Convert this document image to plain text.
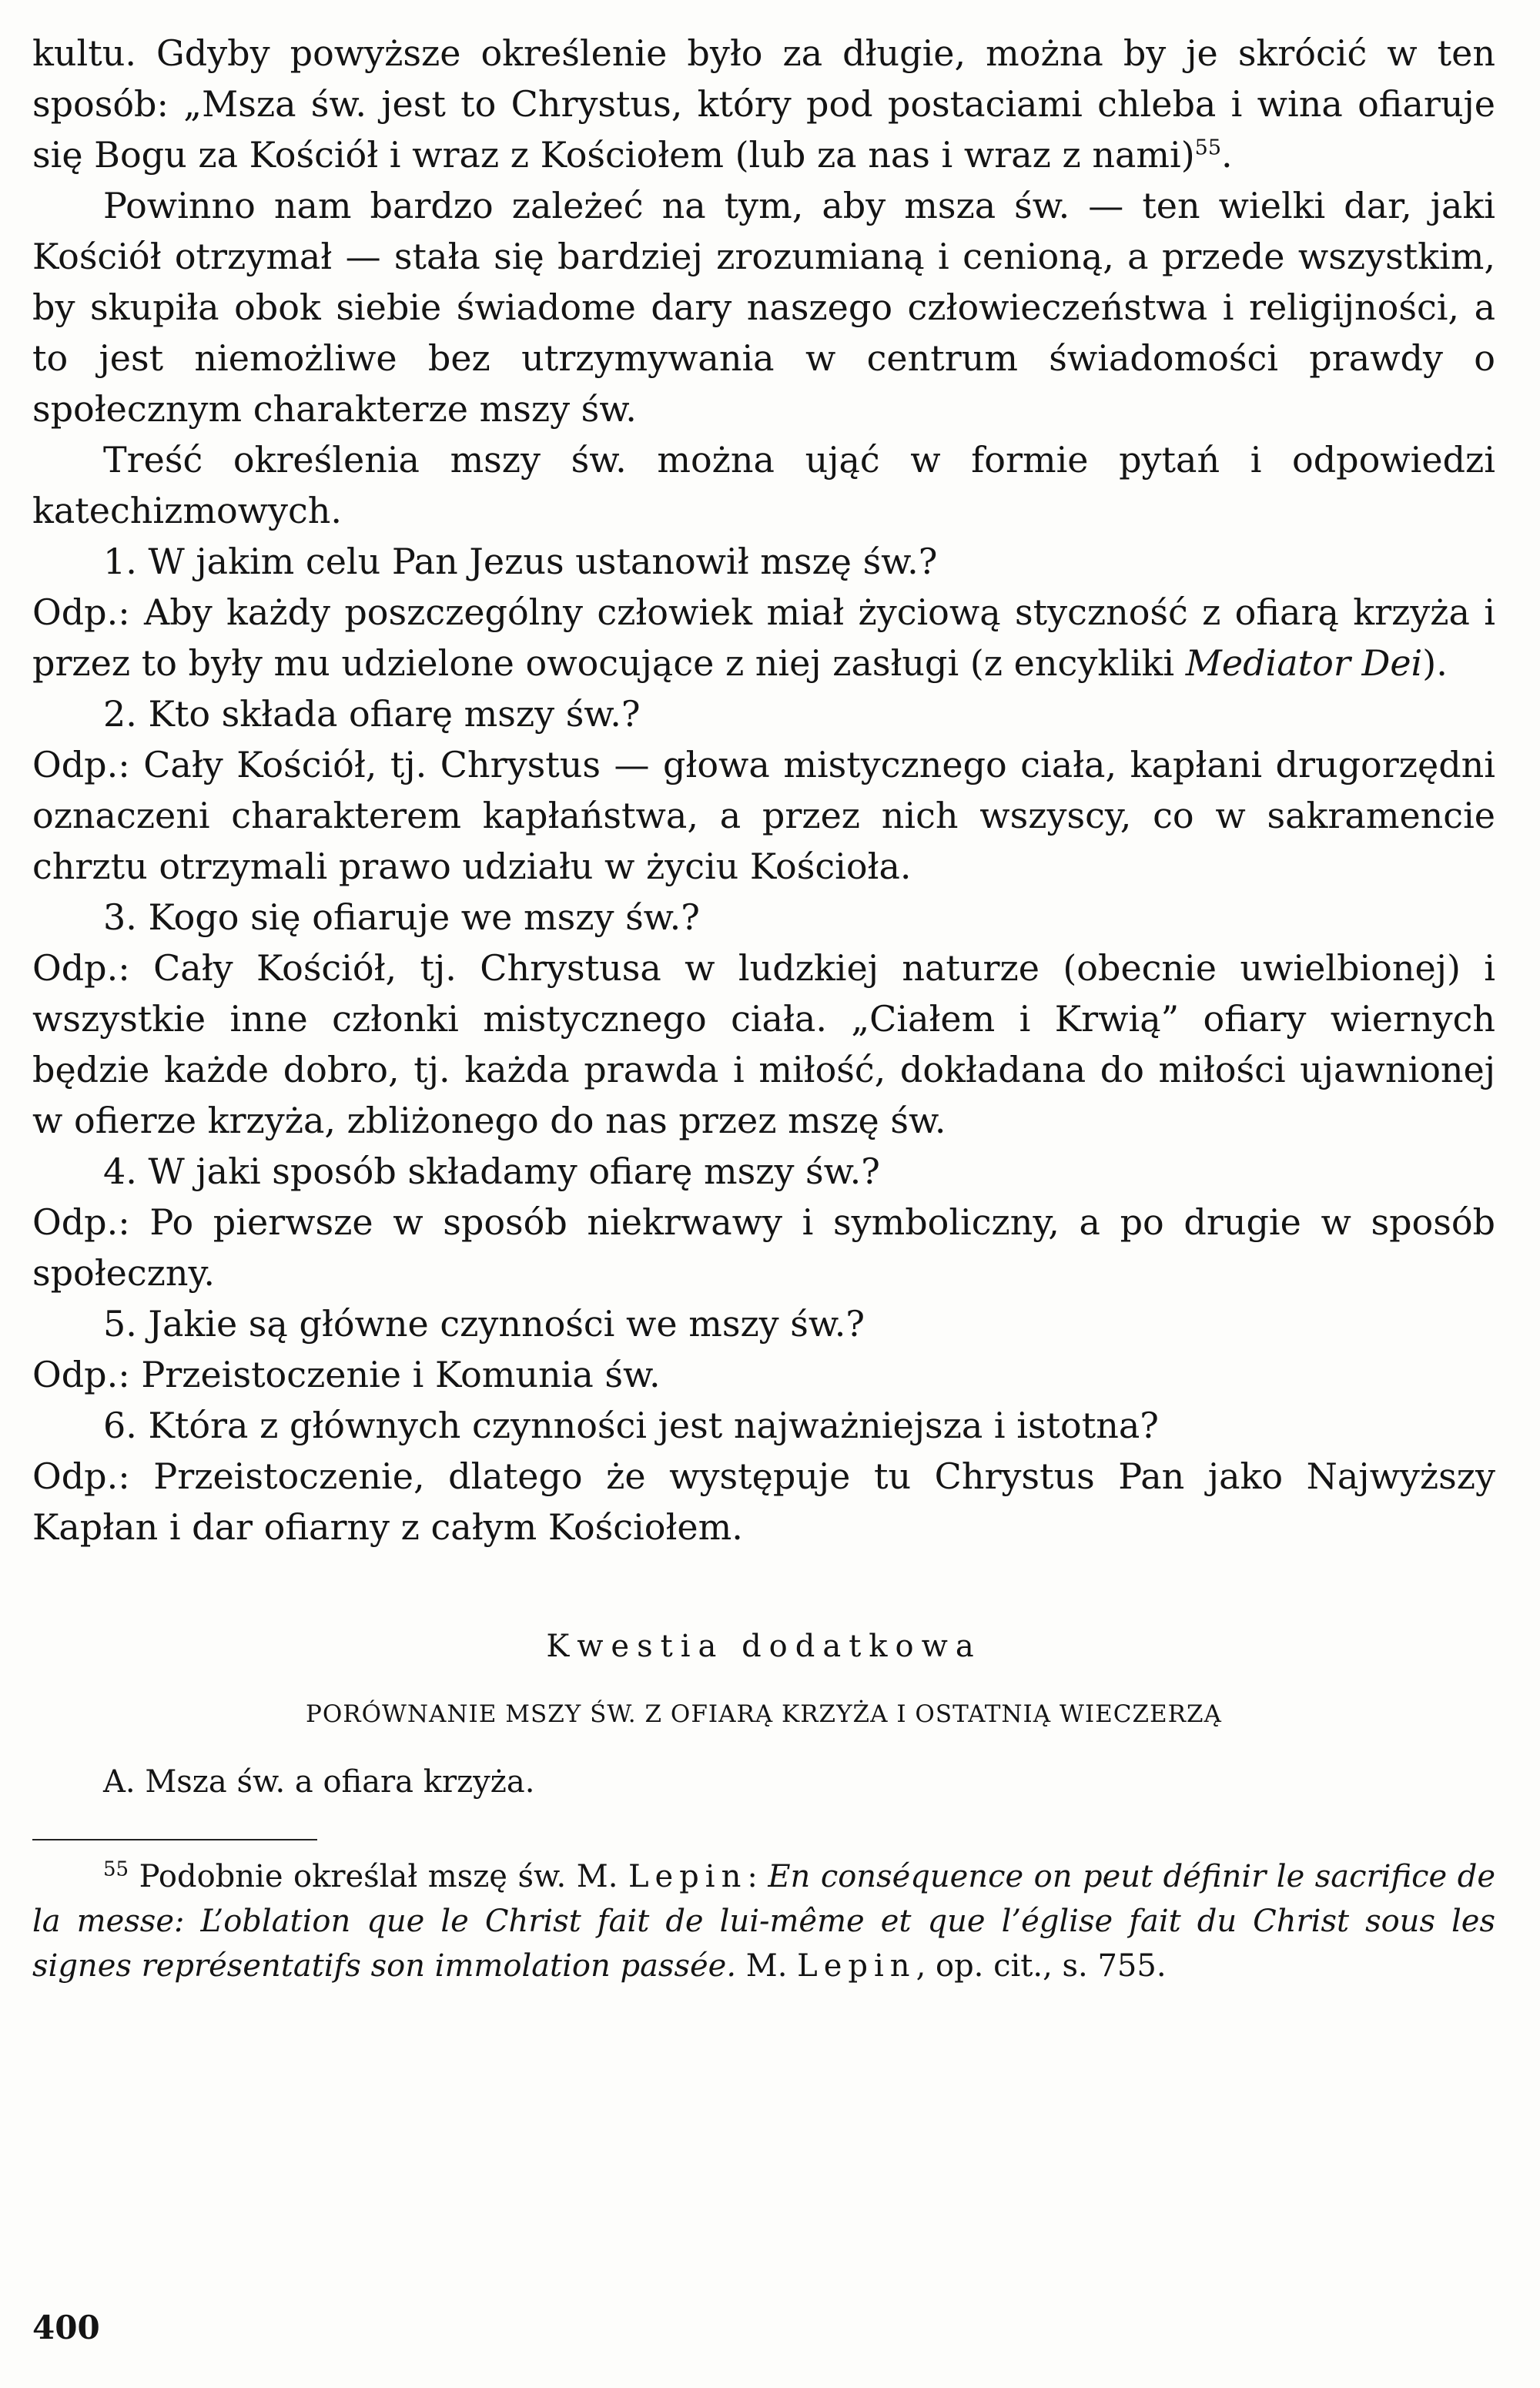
kultu. Gdyby powyższe określenie było za długie, można by je skrócić w ten sposób: „Msza św. jest to Chrystus, który pod postaciami chleba i wina ofiaruje się Bogu za Kościół i wraz z Kościołem (lub za nas i wraz z nami)$^{55}$.

Powinno nam bardzo zależeć na tym, aby msza św. — ten wielki dar, jaki Kościół otrzymał — stała się bardziej zrozumianą i cenioną, a przede wszystkim, by skupiła obok siebie świadome dary naszego człowieczeństwa i religijności, a to jest niemożliwe bez utrzymywania w centrum świadomości prawdy o społecznym charakterze mszy św.

Treść określenia mszy św. można ująć w formie pytań i odpowiedzi katechizmowych.

1. W jakim celu Pan Jezus ustanowił mszę św.?

Odp.: Aby każdy poszczególny człowiek miał życiową styczność z ofiarą krzyża i przez to były mu udzielone owocujące z niej zasługi (z encykliki Mediator Dei).

2. Kto składa ofiarę mszy św.?

Odp.: Cały Kościół, tj. Chrystus — głowa mistycznego ciała, kapłani drugorzędni oznaczeni charakterem kapłaństwa, a przez nich wszyscy, co w sakramencie chrztu otrzymali prawo udziału w życiu Kościoła.

3. Kogo się ofiaruje we mszy św.?

Odp.: Cały Kościół, tj. Chrystusa w ludzkiej naturze (obecnie uwielbionej) i wszystkie inne członki mistycznego ciała. „Ciałem i Krwią” ofiary wiernych będzie każde dobro, tj. każda prawda i miłość, dokładana do miłości ujawnionej w ofierze krzyża, zbliżonego do nas przez mszę św.

4. W jaki sposób składamy ofiarę mszy św.?

Odp.: Po pierwsze w sposób niekrwawy i symboliczny, a po drugie w sposób społeczny.

5. Jakie są główne czynności we mszy św.?

Odp.: Przeistoczenie i Komunia św.

6. Która z głównych czynności jest najważniejsza i istotna?

Odp.: Przeistoczenie, dlatego że występuje tu Chrystus Pan jako Najwyższy Kapłan i dar ofiarny z całym Kościołem.

Kwestia dodatkowa
PORÓWNANIE MSZY ŚW. Z OFIARĄ KRZYŻA I OSTATNIĄ WIECZERZĄ
A. Msza św. a ofiara krzyża.
$^{55}$ Podobnie określał mszę św. M. Lepin: En conséquence on peut définir le sacrifice de la messe: L’oblation que le Christ fait de lui-même et que l’église fait du Christ sous les signes représentatifs son immolation passée. M. Lepin, op. cit., s. 755.
400
